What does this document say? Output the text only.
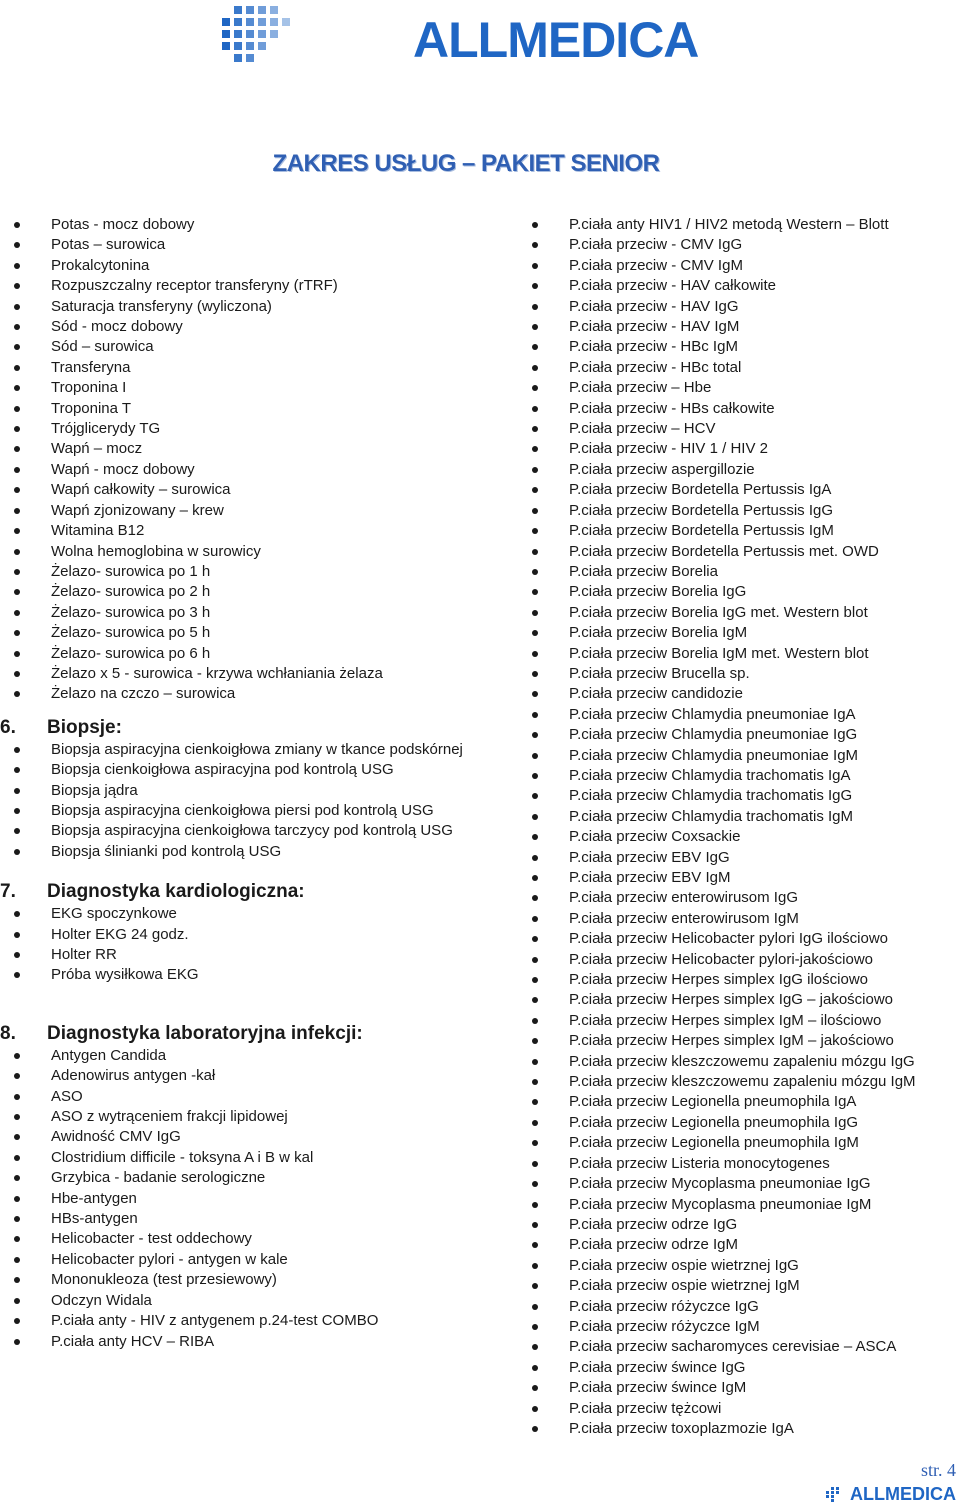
ALLMEDICA
ZAKRES USŁUG – PAKIET SENIOR
Potas - mocz dobowy
Potas – surowica
Prokalcytonina
Rozpuszczalny receptor transferyny (rTRF)
Saturacja transferyny (wyliczona)
Sód - mocz dobowy
Sód – surowica
Transferyna
Troponina I
Troponina T
Trójglicerydy TG
Wapń – mocz
Wapń - mocz dobowy
Wapń całkowity – surowica
Wapń zjonizowany – krew
Witamina B12
Wolna hemoglobina w surowicy
Żelazo- surowica po 1 h
Żelazo- surowica po 2 h
Żelazo- surowica po 3 h
Żelazo- surowica po 5 h
Żelazo- surowica po 6 h
Żelazo x 5 - surowica - krzywa wchłaniania żelaza
Żelazo na czczo – surowica
6.	Biopsje:
Biopsja aspiracyjna cienkoigłowa zmiany w tkance podskórnej
Biopsja cienkoigłowa aspiracyjna pod kontrolą USG
Biopsja jądra
Biopsja aspiracyjna cienkoigłowa piersi pod kontrolą USG
Biopsja aspiracyjna cienkoigłowa tarczycy pod kontrolą USG
Biopsja ślinianki pod kontrolą USG
7.	Diagnostyka kardiologiczna:
EKG spoczynkowe
Holter EKG 24 godz.
Holter RR
Próba wysiłkowa EKG
8.	Diagnostyka laboratoryjna infekcji:
Antygen Candida
Adenowirus antygen -kał
ASO
ASO z wytrąceniem frakcji lipidowej
Awidność CMV IgG
Clostridium difficile - toksyna A i B w kal
Grzybica - badanie serologiczne
Hbe-antygen
HBs-antygen
Helicobacter - test oddechowy
Helicobacter pylori - antygen w kale
Mononukleoza (test przesiewowy)
Odczyn Widala
P.ciała anty - HIV z antygenem p.24-test COMBO
P.ciała anty HCV – RIBA
P.ciała anty HIV1 / HIV2 metodą Western – Blott
P.ciała przeciw - CMV IgG
P.ciała przeciw - CMV IgM
P.ciała przeciw - HAV całkowite
P.ciała przeciw - HAV IgG
P.ciała przeciw - HAV IgM
P.ciała przeciw - HBc IgM
P.ciała przeciw - HBc total
P.ciała przeciw – Hbe
P.ciała przeciw - HBs całkowite
P.ciała przeciw – HCV
P.ciała przeciw - HIV 1 / HIV 2
P.ciała przeciw aspergillozie
P.ciała przeciw Bordetella Pertussis IgA
P.ciała przeciw Bordetella Pertussis IgG
P.ciała przeciw Bordetella Pertussis IgM
P.ciała przeciw Bordetella Pertussis met. OWD
P.ciała przeciw Borelia
P.ciała przeciw Borelia IgG
P.ciała przeciw Borelia IgG met. Western blot
P.ciała przeciw Borelia IgM
P.ciała przeciw Borelia IgM met. Western blot
P.ciała przeciw Brucella sp.
P.ciała przeciw candidozie
P.ciała przeciw Chlamydia pneumoniae IgA
P.ciała przeciw Chlamydia pneumoniae IgG
P.ciała przeciw Chlamydia pneumoniae IgM
P.ciała przeciw Chlamydia trachomatis IgA
P.ciała przeciw Chlamydia trachomatis IgG
P.ciała przeciw Chlamydia trachomatis IgM
P.ciała przeciw Coxsackie
P.ciała przeciw EBV IgG
P.ciała przeciw EBV IgM
P.ciała przeciw enterowirusom IgG
P.ciała przeciw enterowirusom IgM
P.ciała przeciw Helicobacter pylori IgG ilościowo
P.ciała przeciw Helicobacter pylori-jakościowo
P.ciała przeciw Herpes simplex IgG ilościowo
P.ciała przeciw Herpes simplex IgG – jakościowo
P.ciała przeciw Herpes simplex IgM – ilościowo
P.ciała przeciw Herpes simplex IgM – jakościowo
P.ciała przeciw kleszczowemu zapaleniu mózgu IgG
P.ciała przeciw kleszczowemu zapaleniu mózgu IgM
P.ciała przeciw Legionella pneumophila IgA
P.ciała przeciw Legionella pneumophila IgG
P.ciała przeciw Legionella pneumophila IgM
P.ciała przeciw Listeria monocytogenes
P.ciała przeciw Mycoplasma pneumoniae IgG
P.ciała przeciw Mycoplasma pneumoniae IgM
P.ciała przeciw odrze IgG
P.ciała przeciw odrze IgM
P.ciała przeciw ospie wietrznej IgG
P.ciała przeciw ospie wietrznej IgM
P.ciała przeciw różyczce IgG
P.ciała przeciw różyczce IgM
P.ciała przeciw sacharomyces cerevisiae – ASCA
P.ciała przeciw śwince IgG
P.ciała przeciw śwince IgM
P.ciała przeciw tężcowi
P.ciała przeciw toxoplazmozie IgA
str. 4
ALLMEDICA
